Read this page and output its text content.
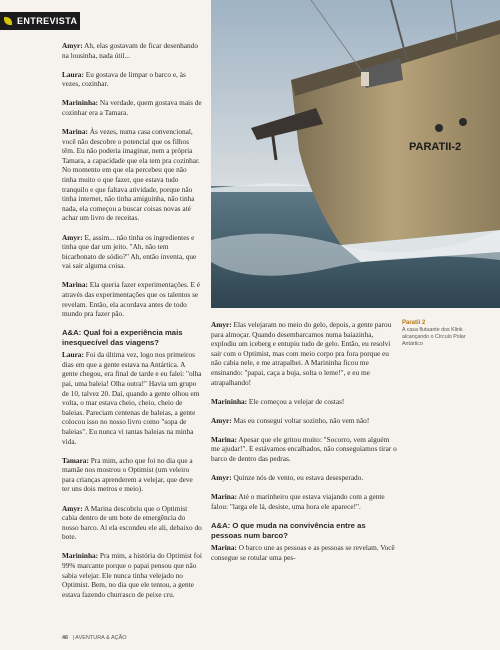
ENTREVISTA

Amyr: Ah, elas gostavam de ficar desenhando na lousinha, nada útil...

Laura: Eu gostava de limpar o barco e, às vezes, cozinhar.

Marininha: Na verdade, quem gostava mais de cozinhar era a Tamara.

Marina: Às vezes, numa casa convencional, você não descobre o potencial que os filhos têm. Eu não poderia imaginar, nem a própria Tamara, a capacidade que ela tem pra cozinhar. No momento em que ela percebeu que não tinha muito o que fazer, que estava tudo tranquilo e que faltava atividade, porque não tinha internet, não tinha amiguinha, não tinha nada, ela começou a buscar coisas novas até achar um livro de receitas.

Amyr: E, assim... não tinha os ingredientes e tinha que dar um jeito. "Ah, não tem bicarbonato de sódio?" Ah, então inventa, que vai sair alguma coisa.

Marina: Ela queria fazer experimentações. E é através das experimentações que os talentos se revelam. Então, ela acordava antes de todo mundo pra fazer pão.

A&A: Qual foi a experiência mais inesquecível das viagens?

Laura: Foi da última vez, logo nos primeiros dias em que a gente estava na Antártica. A gente chegou, era final de tarde e eu falei: "olha pai, uma baleia! Olha outra!" Havia um grupo de 10, talvez 20. Daí, quando a gente olhou em volta, o mar estava cheio, cheio, cheio de baleias. Pareciam centenas de baleias, a gente colocou isso no nosso livro como "sopa de baleias". Eu nunca vi tantas baleias na minha vida.

Tamara: Pra mim, acho que foi no dia que a mamãe nos mostrou o Optimist (um veleiro para crianças aprenderem a velejar, que deve ter uns dois metros e meio).

Amyr: A Marina descobriu que o Optimist cabia dentro de um bote de emergência do nosso barco. Aí ela escondeu ele ali, debaixo do bote.

Marininha: Pra mim, a história do Optimist foi 99% marcante porque o papai pensou que não sabia velejar. Ele nunca tinha velejado no Optimist. Bem, no dia que ele tentou, a gente estava fazendo churrasco de peixe cru.

PARATII-2

Amyr: Elas velejaram no meio do gelo, depois, a gente parou para almoçar. Quando desembarcamos numa baiazinha, explodiu um iceberg e entupiu tudo de gelo. Então, eu resolvi sair com o Optimist, mas com meio corpo pra fora porque eu não cabia nele, e me atrapalhei. A Marininha ficou me ensinando: "papai, caça a buja, solta o leme!", e eu me atrapalhando!

Marininha: Ele começou a velejar de costas!

Amyr: Mas eu consegui voltar sozinho, não vem não!

Marina: Apesar que ele gritou muito: "Socorro, vem alguém me ajudar!". E estávamos encalhados, não conseguíamos tirar o barco de dentro das pedras.

Amyr: Quinze nós de vento, eu estava desesperado.

Marina: Até o marinheiro que estava viajando com a gente falou: "larga ele lá, desiste, uma hora ele aparece!".

A&A: O que muda na convivência entre as pessoas num barco?

Marina: O barco une as pessoas e as pessoas se revelam. Você consegue se rotular uma pes-

Paratii 2
A casa flutuante dos Klink alcançando o Círculo Polar Antártico
46 | AVENTURA & AÇÃO
